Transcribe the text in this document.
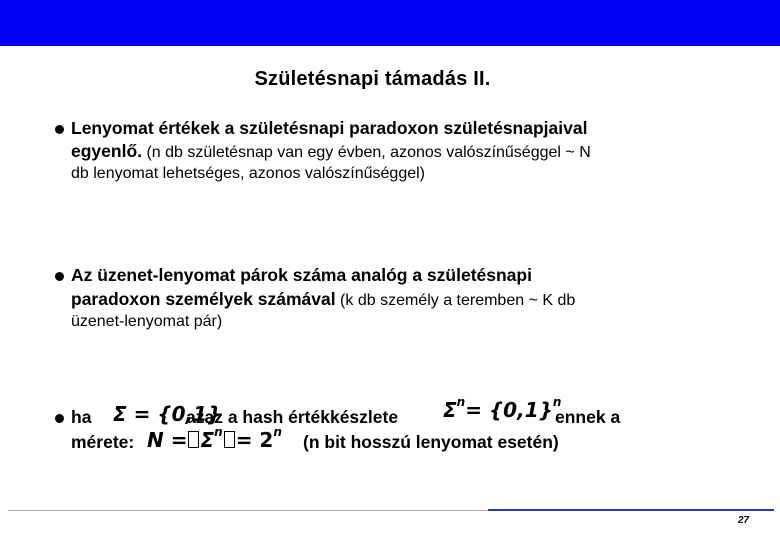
Születésnapi támadás II.
Lenyomat értékek a születésnapi paradoxon születésnapjaival
egyenlő. (n db születésnap van egy évben, azonos valószínűséggel ~ N
db lenyomat lehetséges, azonos valószínűséggel)
Az üzenet-lenyomat párok száma analóg a születésnapi
paradoxon személyek számával (k db személy a teremben ~ K db
üzenet-lenyomat pár)
ha Σ = {0,1}
azaz a hash értékkészlete $\Sigma^n= \{0,1\}^n$
ennek a
mérete: $N = \Sigma^n = 2^n$ (n bit hosszú lenyomat esetén)
27
